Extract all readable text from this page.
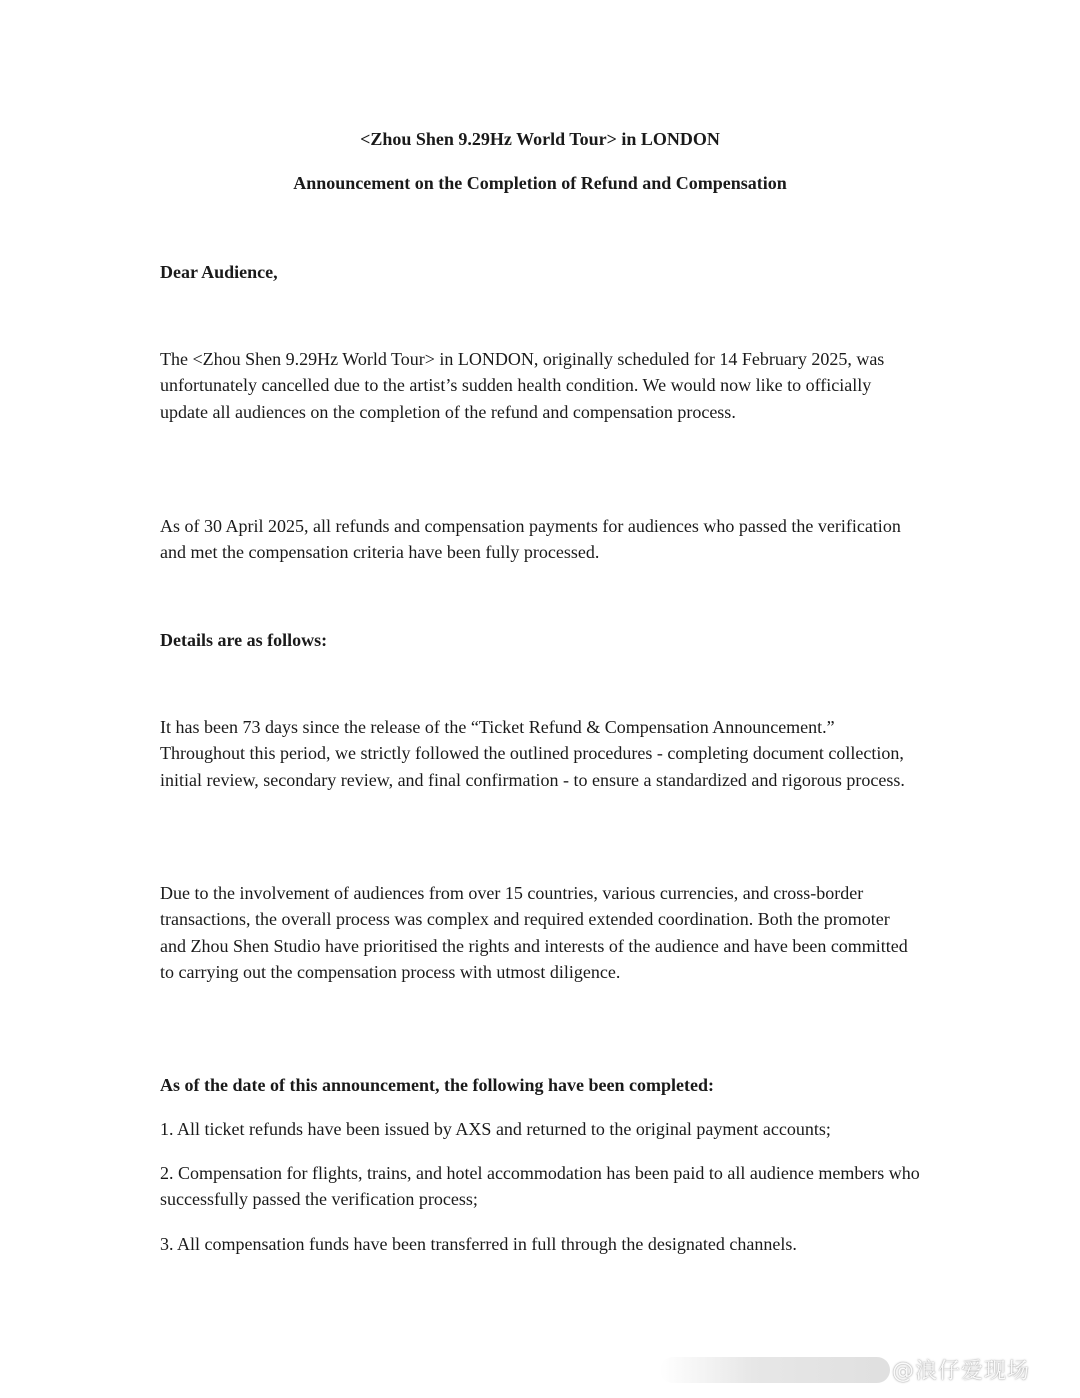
<Zhou Shen 9.29Hz World Tour> in LONDON

Announcement on the Completion of Refund and Compensation

Dear Audience,

The <Zhou Shen 9.29Hz World Tour> in LONDON, originally scheduled for 14 February 2025, was unfortunately cancelled due to the artist’s sudden health condition. We would now like to officially update all audiences on the completion of the refund and compensation process.

As of 30 April 2025, all refunds and compensation payments for audiences who passed the verification and met the compensation criteria have been fully processed.

Details are as follows:

It has been 73 days since the release of the “Ticket Refund & Compensation Announcement.” Throughout this period, we strictly followed the outlined procedures - completing document collection, initial review, secondary review, and final confirmation - to ensure a standardized and rigorous process.

Due to the involvement of audiences from over 15 countries, various currencies, and cross-border transactions, the overall process was complex and required extended coordination. Both the promoter and Zhou Shen Studio have prioritised the rights and interests of the audience and have been committed to carrying out the compensation process with utmost diligence.

As of the date of this announcement, the following have been completed:

1. All ticket refunds have been issued by AXS and returned to the original payment accounts;

2. Compensation for flights, trains, and hotel accommodation has been paid to all audience members who successfully passed the verification process;

3. All compensation funds have been transferred in full through the designated channels.

@浪仔爱现场
